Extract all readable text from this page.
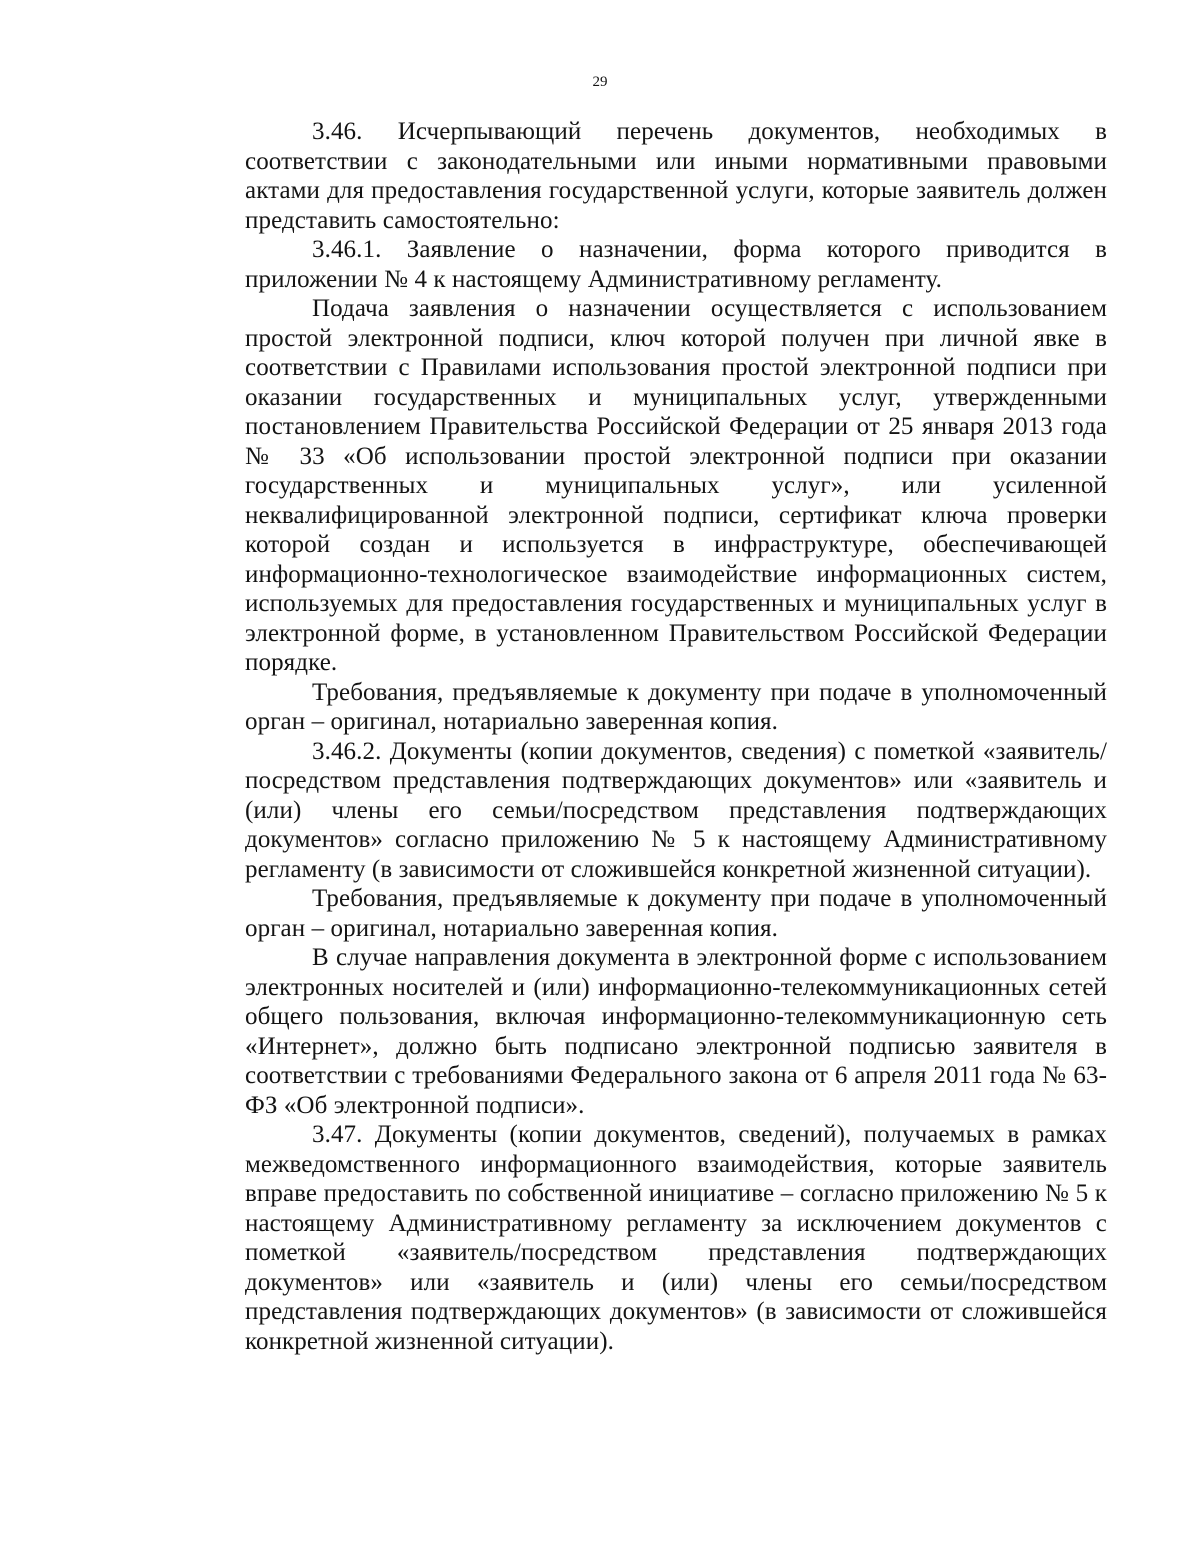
29

3.46. Исчерпывающий перечень документов, необходимых в соответствии с законодательными или иными нормативными правовыми актами для предоставления государственной услуги, которые заявитель должен представить самостоятельно:

3.46.1. Заявление о назначении, форма которого приводится в приложении № 4 к настоящему Административному регламенту.

Подача заявления о назначении осуществляется с использованием простой электронной подписи, ключ которой получен при личной явке в соответствии с Правилами использования простой электронной подписи при оказании государственных и муниципальных услуг, утвержденными постановлением Правительства Российской Федерации от 25 января 2013 года № 33 «Об использовании простой электронной подписи при оказании государственных и муниципальных услуг», или усиленной неквалифицированной электронной подписи, сертификат ключа проверки которой создан и используется в инфраструктуре, обеспечивающей информационно-технологическое взаимодействие информационных систем, используемых для предоставления государственных и муниципальных услуг в электронной форме, в установленном Правительством Российской Федерации порядке.

Требования, предъявляемые к документу при подаче в уполномоченный орган – оригинал, нотариально заверенная копия.

3.46.2. Документы (копии документов, сведения) с пометкой «заявитель/посредством представления подтверждающих документов» или «заявитель и (или) члены его семьи/посредством представления подтверждающих документов» согласно приложению № 5 к настоящему Административному регламенту (в зависимости от сложившейся конкретной жизненной ситуации).

Требования, предъявляемые к документу при подаче в уполномоченный орган – оригинал, нотариально заверенная копия.

В случае направления документа в электронной форме с использованием электронных носителей и (или) информационно-телекоммуникационных сетей общего пользования, включая информационно-телекоммуникационную сеть «Интернет», должно быть подписано электронной подписью заявителя в соответствии с требованиями Федерального закона от 6 апреля 2011 года № 63-ФЗ «Об электронной подписи».

3.47. Документы (копии документов, сведений), получаемых в рамках межведомственного информационного взаимодействия, которые заявитель вправе предоставить по собственной инициативе – согласно приложению № 5 к настоящему Административному регламенту за исключением документов с пометкой «заявитель/посредством представления подтверждающих документов» или «заявитель и (или) члены его семьи/посредством представления подтверждающих документов» (в зависимости от сложившейся конкретной жизненной ситуации).
